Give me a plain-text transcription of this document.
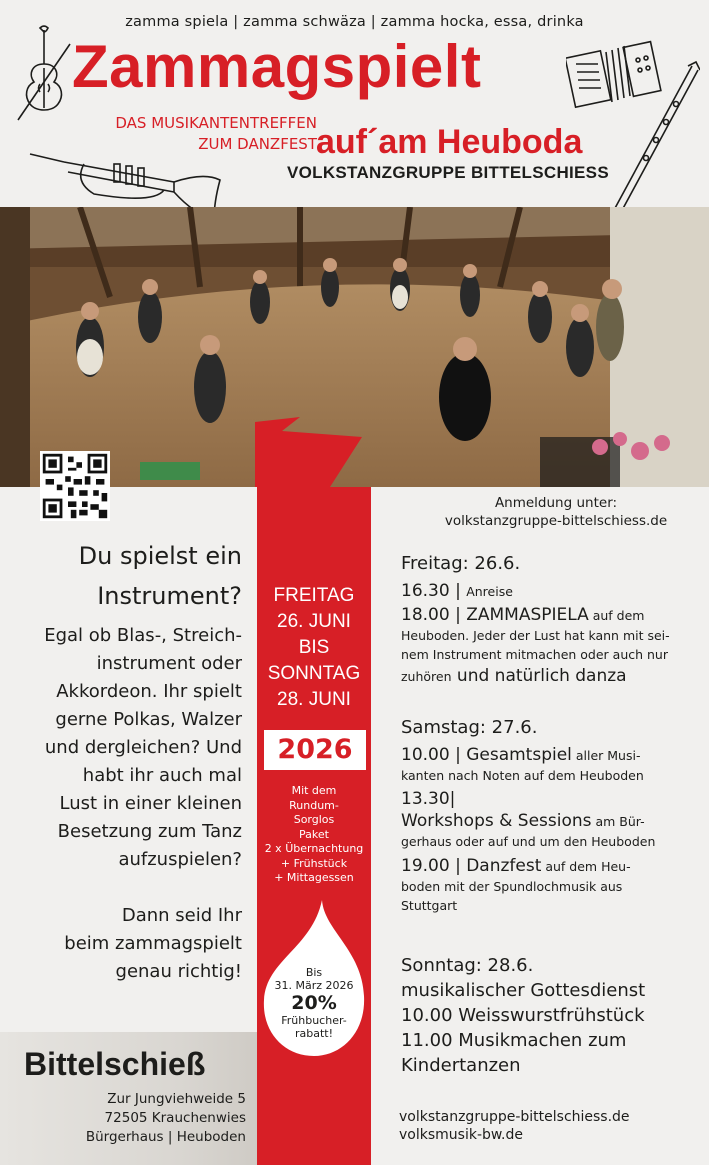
zamma spiela | zamma schwäza | zamma hocka, essa, drinka
Zammagspielt
DAS MUSIKANTENTREFFEN
ZUM DANZFEST auf´am Heuboda
VOLKSTANZGRUPPE BITTELSCHIESS
FREITAG
26. JUNI
BIS
SONNTAG
28. JUNI
2026
Mit dem
Rundum-
Sorglos
Paket
2 x Übernachtung
+ Frühstück
+ Mittagessen
Bis
31. März 2026
20%
Frühbucher-
rabatt!
Du spielst ein
Instrument?
Egal ob Blas-, Streich-
instrument oder
Akkordeon. Ihr spielt
gerne Polkas, Walzer
und dergleichen? Und
habt ihr auch mal
Lust in einer kleinen
Besetzung zum Tanz
aufzuspielen?
Dann seid Ihr
beim zammagspielt
genau richtig!
Bittelschieß
Zur Jungviehweide 5
72505 Krauchenwies
Bürgerhaus | Heuboden
Anmeldung unter:
volkstanzgruppe-bittelschiess.de
Freitag: 26.6.
16.30 | Anreise
18.00 | ZAMMASPIELA auf dem
Heuboden. Jeder der Lust hat kann mit sei-
nem Instrument mitmachen oder auch nur
zuhören und natürlich danza
Samstag: 27.6.
10.00 | Gesamtspiel aller Musi-
kanten nach Noten auf dem Heuboden
13.30|
Workshops & Sessions am Bür-
gerhaus oder auf und um den Heuboden
19.00 | Danzfest auf dem Heu-
boden mit der Spundlochmusik aus
Stuttgart
Sonntag: 28.6.
musikalischer Gottesdienst
10.00 Weisswurstfrühstück
11.00 Musikmachen zum
Kindertanzen
volkstanzgruppe-bittelschiess.de
volksmusik-bw.de
